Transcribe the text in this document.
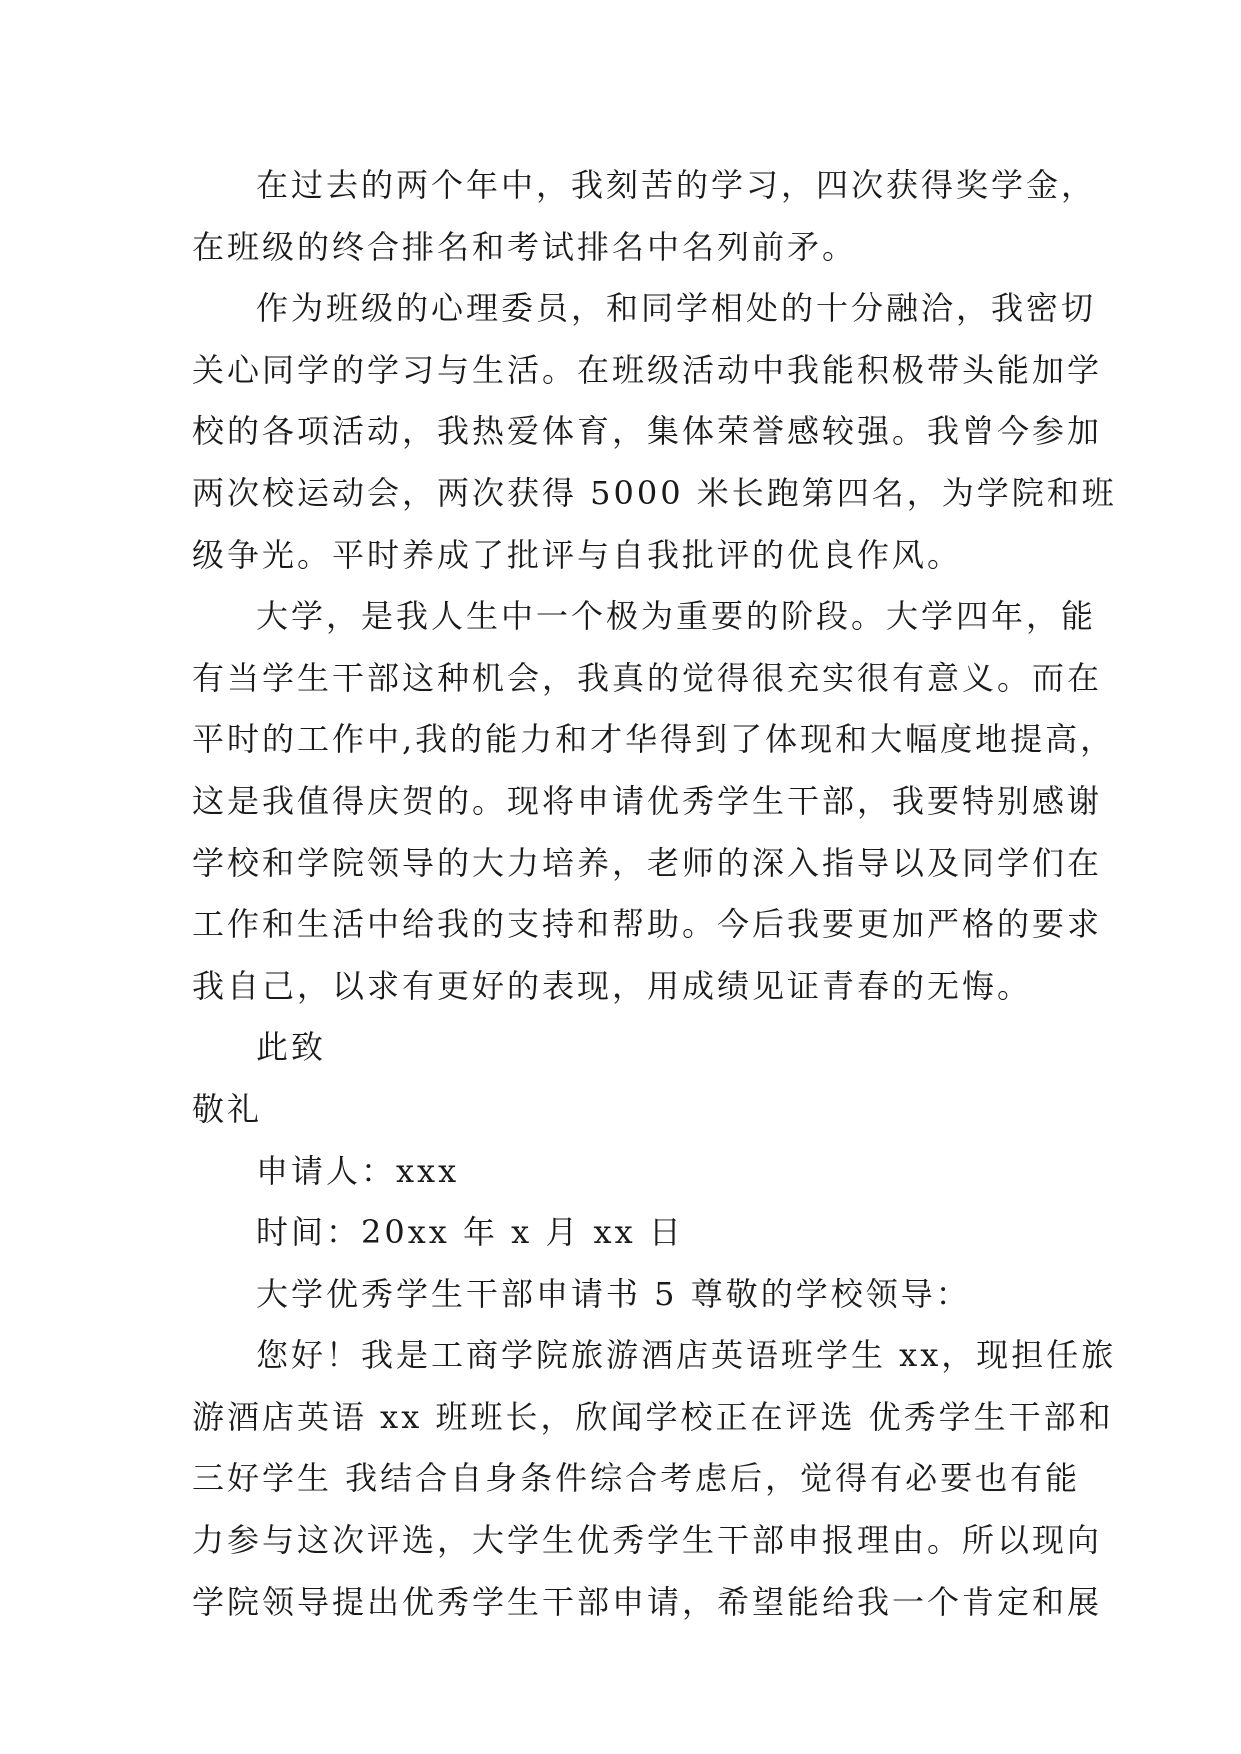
在过去的两个年中，我刻苦的学习，四次获得奖学金，
在班级的终合排名和考试排名中名列前矛。
作为班级的心理委员，和同学相处的十分融洽，我密切
关心同学的学习与生活。在班级活动中我能积极带头能加学
校的各项活动，我热爱体育，集体荣誉感较强。我曾今参加
两次校运动会，两次获得 5000 米长跑第四名，为学院和班
级争光。平时养成了批评与自我批评的优良作风。
大学，是我人生中一个极为重要的阶段。大学四年，能
有当学生干部这种机会，我真的觉得很充实很有意义。而在
平时的工作中,我的能力和才华得到了体现和大幅度地提高，
这是我值得庆贺的。现将申请优秀学生干部，我要特别感谢
学校和学院领导的大力培养，老师的深入指导以及同学们在
工作和生活中给我的支持和帮助。今后我要更加严格的要求
我自己，以求有更好的表现，用成绩见证青春的无悔。
此致
敬礼
申请人：xxx
时间：20xx 年 x 月 xx 日
大学优秀学生干部申请书 5 尊敬的学校领导：
您好！我是工商学院旅游酒店英语班学生 xx，现担任旅
游酒店英语 xx 班班长，欣闻学校正在评选 优秀学生干部和
三好学生 我结合自身条件综合考虑后，觉得有必要也有能
力参与这次评选，大学生优秀学生干部申报理由。所以现向
学院领导提出优秀学生干部申请，希望能给我一个肯定和展
